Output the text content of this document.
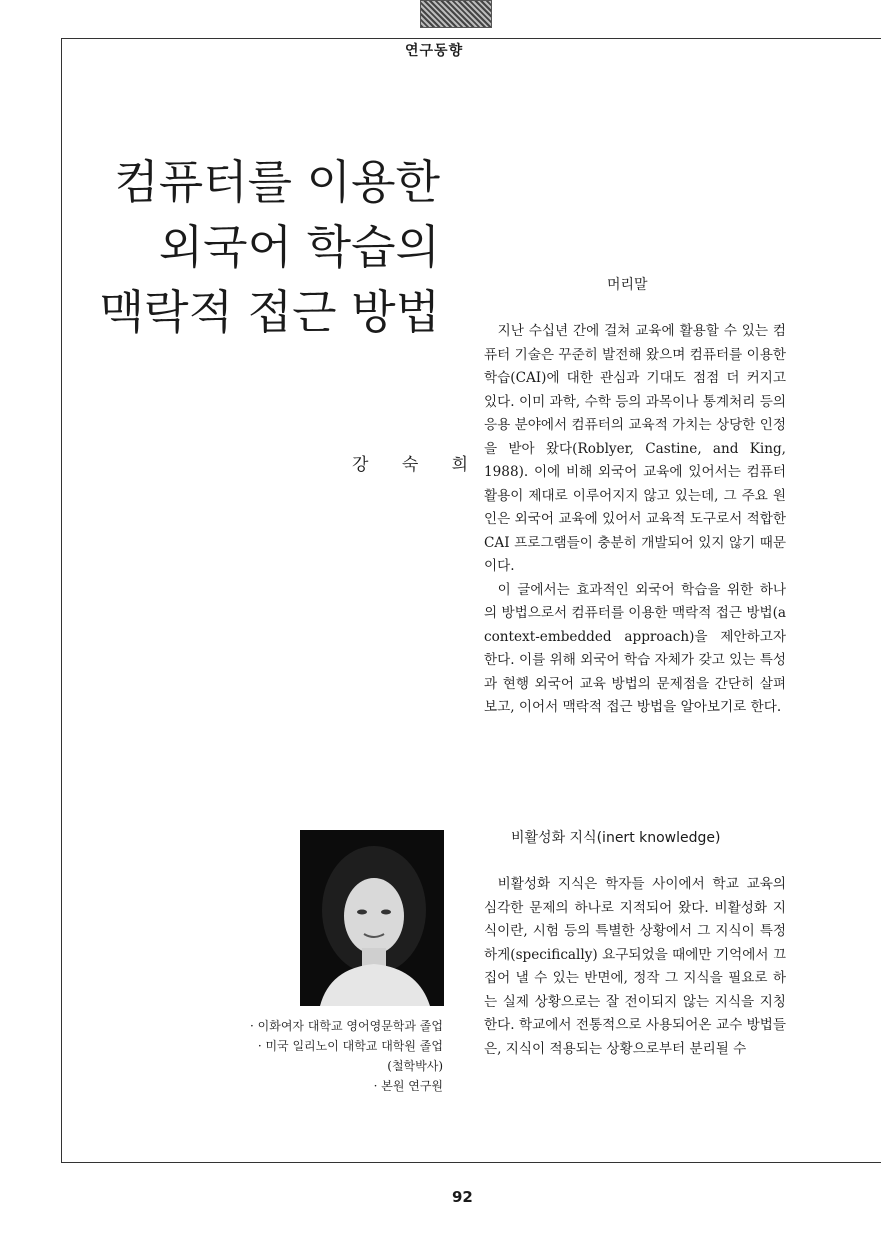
연구동향
컴퓨터를 이용한
외국어 학습의
맥락적 접근 방법
강 숙 희
· 이화여자 대학교 영어영문학과 졸업
· 미국 일리노이 대학교 대학원 졸업
(철학박사)
· 본원 연구원
머리말

지난 수십년 간에 걸쳐 교육에 활용할 수 있는 컴퓨터 기술은 꾸준히 발전해 왔으며 컴퓨터를 이용한 학습(CAI)에 대한 관심과 기대도 점점 더 커지고 있다. 이미 과학, 수학 등의 과목이나 통계처리 등의 응용 분야에서 컴퓨터의 교육적 가치는 상당한 인정을 받아 왔다(Roblyer, Castine, and King, 1988). 이에 비해 외국어 교육에 있어서는 컴퓨터 활용이 제대로 이루어지지 않고 있는데, 그 주요 원인은 외국어 교육에 있어서 교육적 도구로서 적합한 CAI 프로그램들이 충분히 개발되어 있지 않기 때문이다.

이 글에서는 효과적인 외국어 학습을 위한 하나의 방법으로서 컴퓨터를 이용한 맥락적 접근 방법(a context-embedded approach)을 제안하고자 한다. 이를 위해 외국어 학습 자체가 갖고 있는 특성과 현행 외국어 교육 방법의 문제점을 간단히 살펴보고, 이어서 맥락적 접근 방법을 알아보기로 한다.

비활성화 지식(inert knowledge)

비활성화 지식은 학자들 사이에서 학교 교육의 심각한 문제의 하나로 지적되어 왔다. 비활성화 지식이란, 시험 등의 특별한 상황에서 그 지식이 특정하게(specifically) 요구되었을 때에만 기억에서 끄집어 낼 수 있는 반면에, 정작 그 지식을 필요로 하는 실제 상황으로는 잘 전이되지 않는 지식을 지칭한다. 학교에서 전통적으로 사용되어온 교수 방법들은, 지식이 적용되는 상황으로부터 분리될 수

92
